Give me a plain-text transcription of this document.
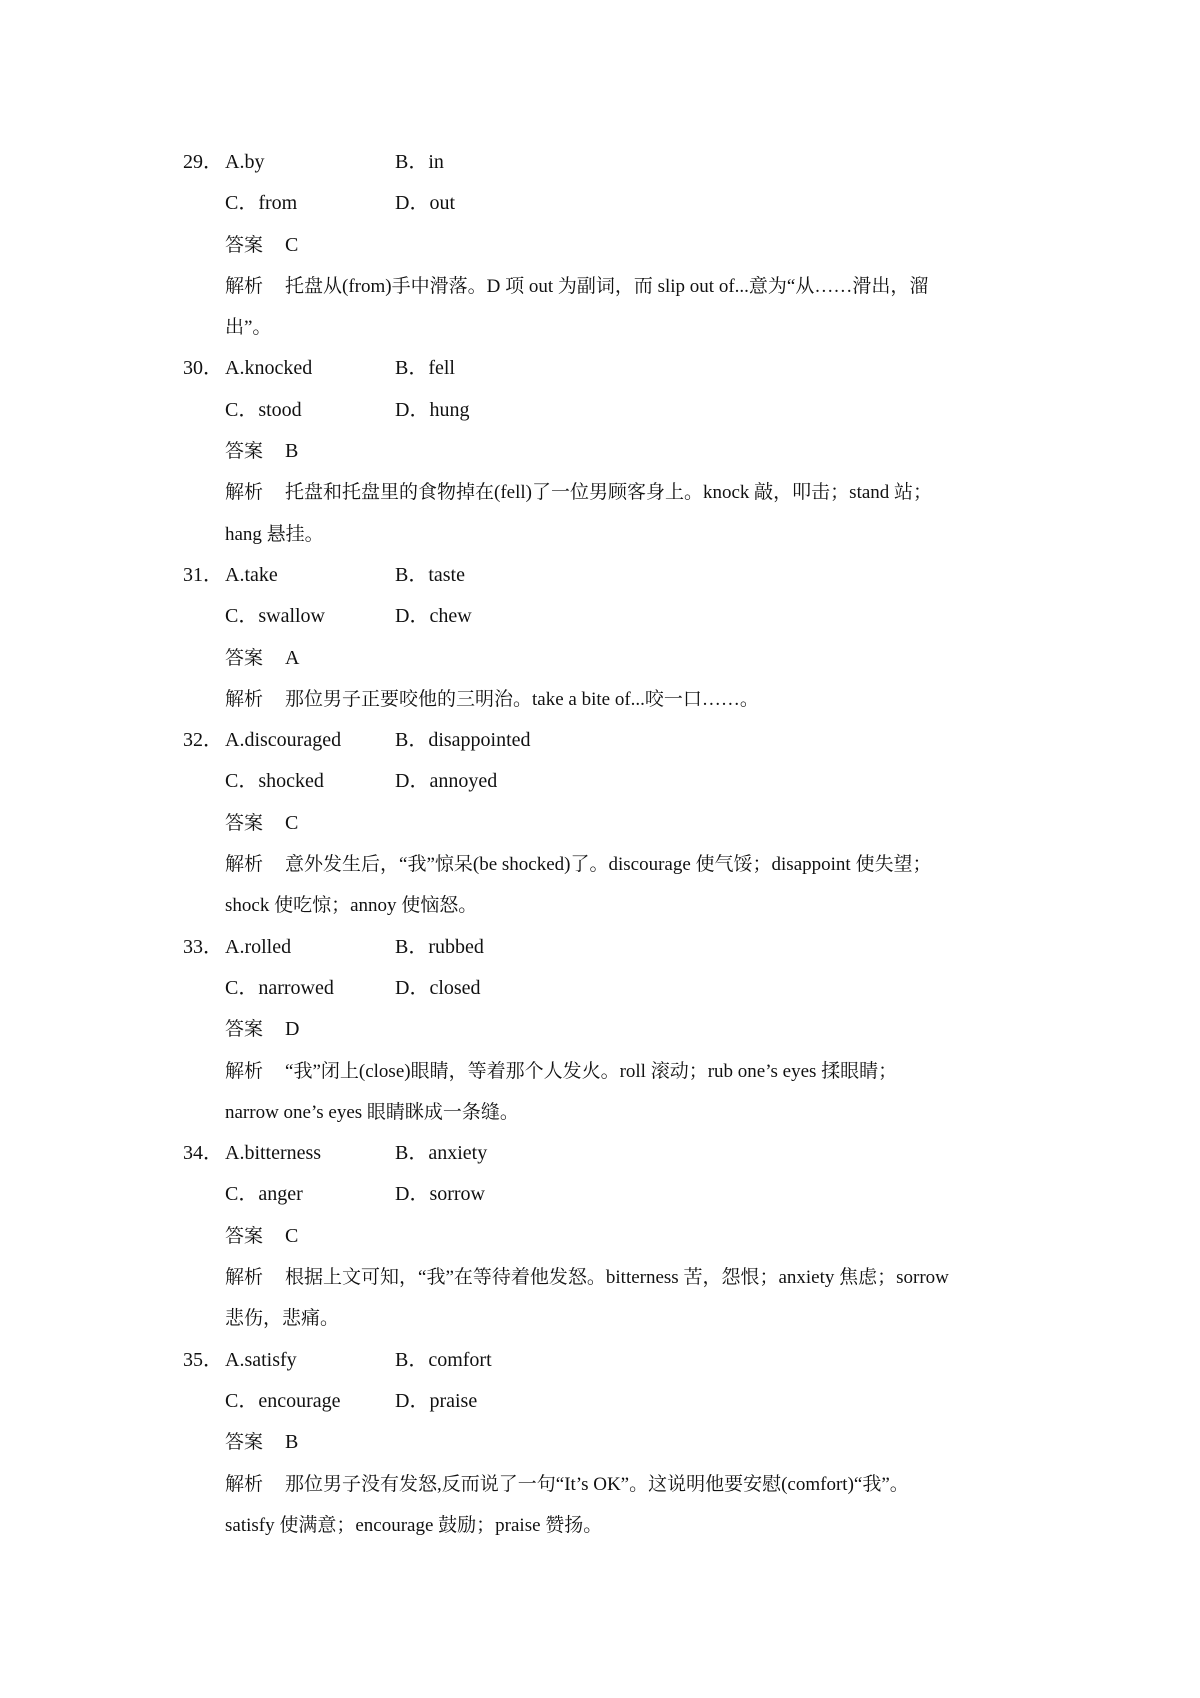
29． A.by	B．in
C．from	D．out
答案 C
解析 托盘从(from)手中滑落。D 项 out 为副词，而 slip out of...意为“从……滑出，溜
出”。
30． A.knocked	B．fell
C．stood	D．hung
答案 B
解析 托盘和托盘里的食物掉在(fell)了一位男顾客身上。knock 敲，叩击；stand 站；
hang 悬挂。
31． A.take	B．taste
C．swallow	D．chew
答案 A
解析 那位男子正要咬他的三明治。take a bite of...咬一口……。
32． A.discouraged	B．disappointed
C．shocked	D．annoyed
答案 C
解析 意外发生后，“我”惊呆(be shocked)了。discourage 使气馁；disappoint 使失望；
shock 使吃惊；annoy 使恼怒。
33． A.rolled	B．rubbed
C．narrowed	D．closed
答案 D
解析 “我”闭上(close)眼睛，等着那个人发火。roll 滚动；rub one’s eyes 揉眼睛；
narrow one’s eyes 眼睛眯成一条缝。
34． A.bitterness	B．anxiety
C．anger	D．sorrow
答案 C
解析 根据上文可知，“我”在等待着他发怒。bitterness 苦，怨恨；anxiety 焦虑；sorrow
悲伤，悲痛。
35． A.satisfy	B．comfort
C．encourage	D．praise
答案 B
解析 那位男子没有发怒,反而说了一句“It’s OK”。这说明他要安慰(comfort)“我”。
satisfy 使满意；encourage 鼓励；praise 赞扬。
